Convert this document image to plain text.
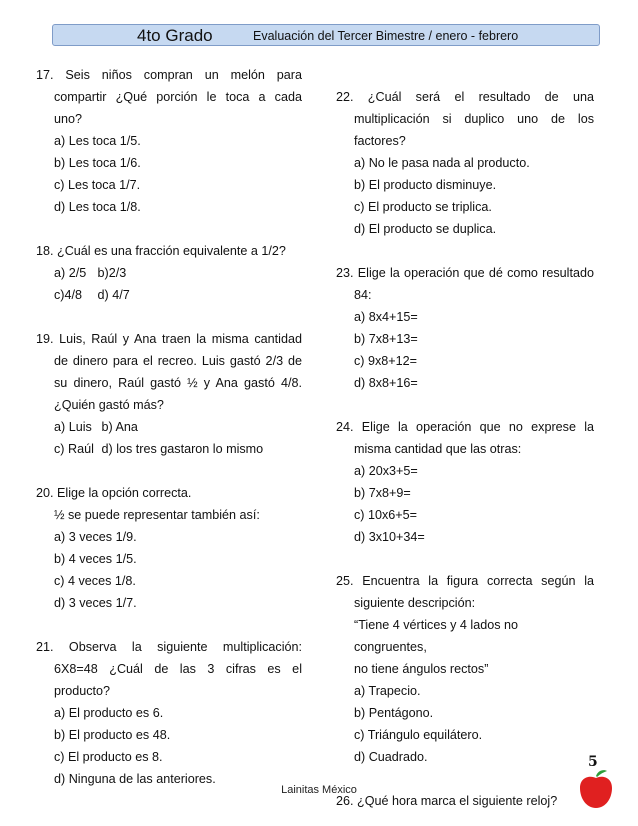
4to Grado	Evaluación del Tercer Bimestre / enero - febrero

17. Seis niños compran un melón para

compartir ¿Qué porción le toca a cada

uno?

a) Les toca 1/5.

b) Les toca 1/6.

c) Les toca 1/7.

d) Les toca 1/8.

18. ¿Cuál es una fracción equivalente a 1/2?

a) 2/5 b)2/3

c)4/8 d) 4/7

19. Luis, Raúl y Ana traen la misma cantidad

de dinero para el recreo. Luis gastó 2/3 de

su dinero, Raúl gastó ½ y Ana gastó 4/8.

¿Quién gastó más?

a) Luis b) Ana

c) Raúl d) los tres gastaron lo mismo

20. Elige la opción correcta.

½ se puede representar también así:

a) 3 veces 1/9.

b) 4 veces 1/5.

c) 4 veces 1/8.

d) 3 veces 1/7.

21. Observa la siguiente multiplicación:

6X8=48 ¿Cuál de las 3 cifras es el

producto?

a) El producto es 6.

b) El producto es 48.

c) El producto es 8.

d) Ninguna de las anteriores.

22. ¿Cuál será el resultado de una

multiplicación si duplico uno de los

factores?

a) No le pasa nada al producto.

b) El producto disminuye.

c) El producto se triplica.

d) El producto se duplica.

23. Elige la operación que dé como resultado

84:

a) 8x4+15=

b) 7x8+13=

c) 9x8+12=

d) 8x8+16=

24. Elige la operación que no exprese la

misma cantidad que las otras:

a) 20x3+5=

b) 7x8+9=

c) 10x6+5=

d) 3x10+34=

25. Encuentra la figura correcta según la

siguiente descripción:

“Tiene 4 vértices y 4 lados no congruentes,

no tiene ángulos rectos”

a) Trapecio.

b) Pentágono.

c) Triángulo equilátero.

d) Cuadrado.

26. ¿Qué hora marca el siguiente reloj?

5
Lainitas México
